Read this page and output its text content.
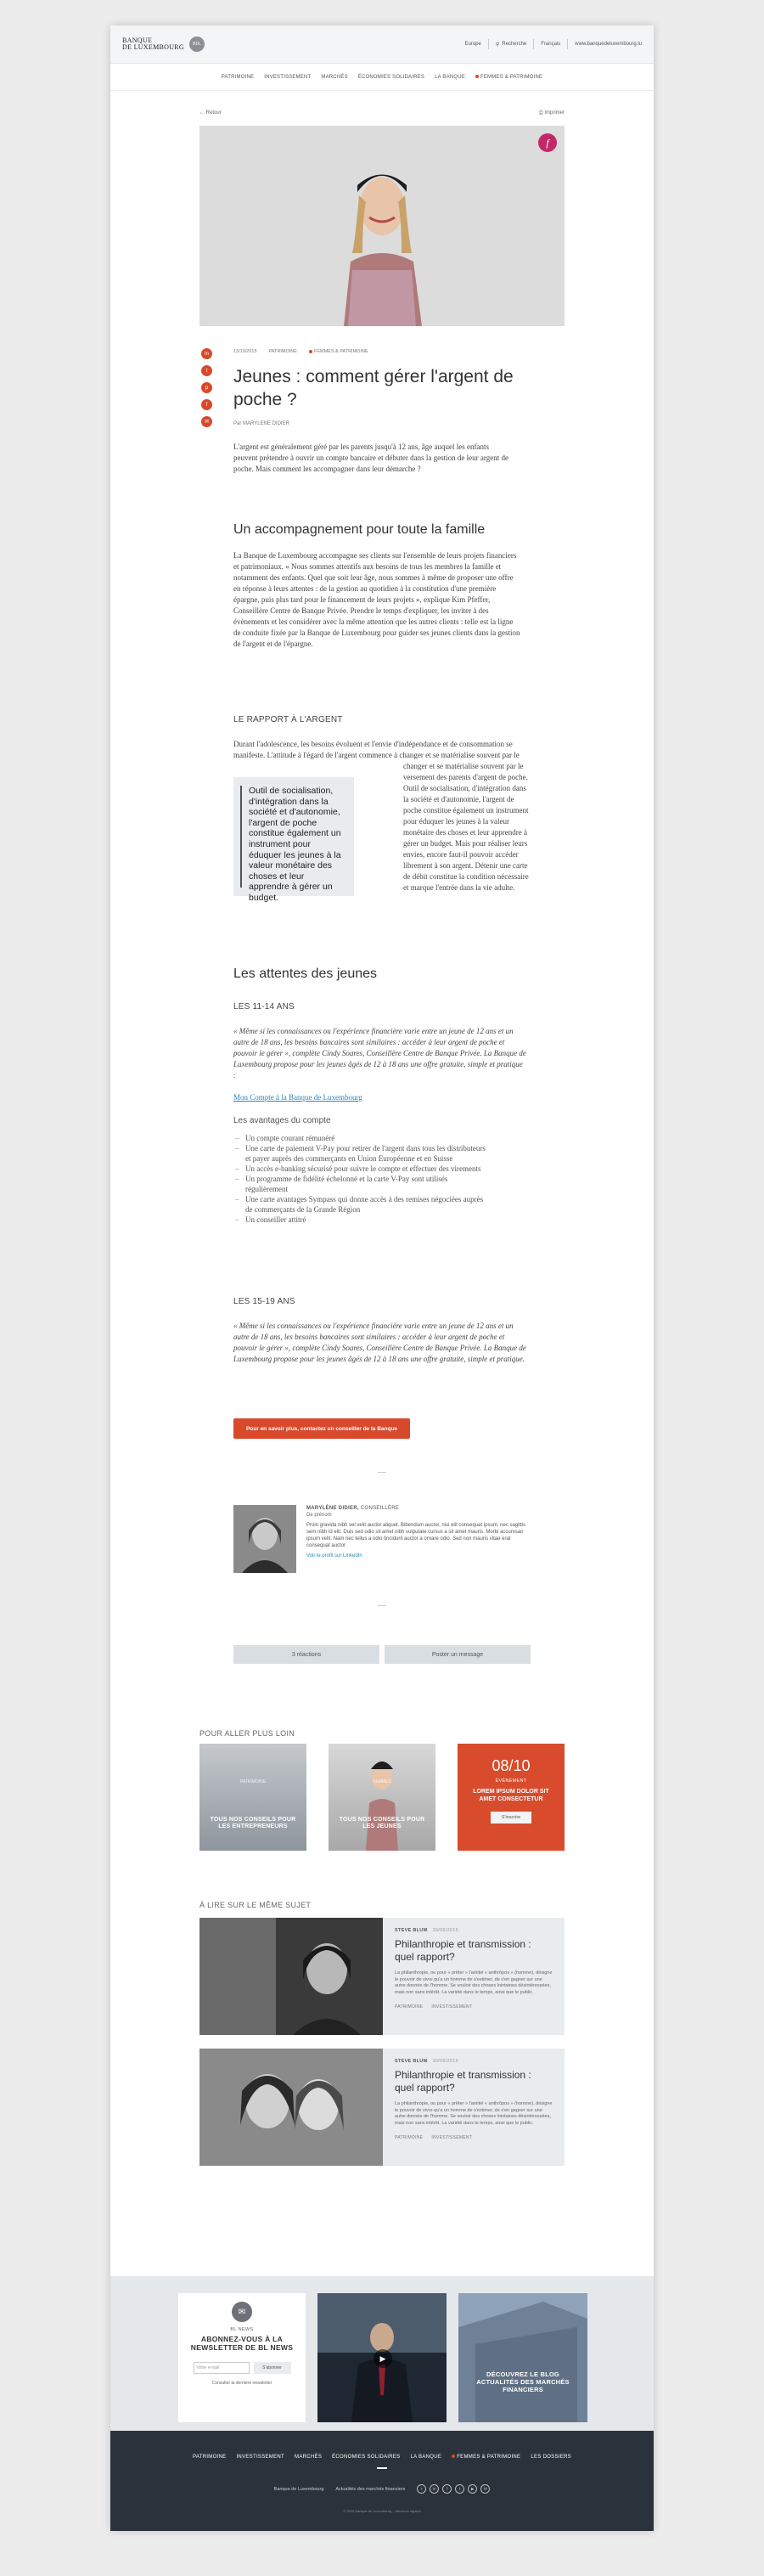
BANQUE
DE LUXEMBOURG	BDL	Europe	⚲ Recherche	Français	www.banquedeluxembourg.lu
PATRIMOINE INVESTISSEMENT MARCHÉS ÉCONOMIES SOLIDAIRES LA BANQUE	FEMMES & PATRIMOINE
← Retour	⎙ Imprimer
f
in
t
p
f
✉
13/10/2015	PATRIMOINE	FEMMES & PATRIMOINE
Jeunes : comment gérer l'argent de poche ?
Par MARYLENE DIDIER
L'argent est généralement géré par les parents jusqu'à 12 ans, âge auquel les enfants peuvent prétendre à ouvrir un compte bancaire et débuter dans la gestion de leur argent de poche. Mais comment les accompagner dans leur démarche ?
Un accompagnement pour toute la famille
La Banque de Luxembourg accompagne ses clients sur l'ensemble de leurs projets financiers et patrimoniaux. « Nous sommes attentifs aux besoins de tous les membres la famille et notamment des enfants. Quel que soit leur âge, nous sommes à même de proposer une offre en réponse à leurs attentes : de la gestion au quotidien à la constitution d'une première épargne, puis plus tard pour le financement de leurs projets », explique Kim Pfeffer, Conseillère Centre de Banque Privée. Prendre le temps d'expliquer, les inviter à des évènements et les considérer avec la même attention que les autres clients : telle est la ligne de conduite fixée par la Banque de Luxembourg pour guider ses jeunes clients dans la gestion de l'argent et de l'épargne.
LE RAPPORT À L'ARGENT
Durant l'adolescence, les besoins évoluent et l'envie d'indépendance et de consommation se manifeste. L'attitude à l'égard de l'argent commence à changer et se matérialise souvent par le
changer et se matérialise souvent par le versement des parents d'argent de poche. Outil de socialisation, d'intégration dans la société et d'autonomie, l'argent de poche constitue également un instrument pour éduquer les jeunes à la valeur monétaire des choses et leur apprendre à gérer un budget. Mais pour réaliser leurs envies, encore faut-il pouvoir accéder librement à son argent. Détenir une carte de débit constitue la condition nécessaire et marque l'entrée dans la vie adulte.
Outil de socialisation, d'intégration dans la société et d'autonomie, l'argent de poche constitue également un instrument pour éduquer les jeunes à la valeur monétaire des choses et leur apprendre à gérer un budget.
Les attentes des jeunes
LES 11-14 ANS
« Même si les connaissances ou l'expérience financière varie entre un jeune de 12 ans et un autre de 18 ans, les besoins bancaires sont similaires : accéder à leur argent de poche et pouvoir le gérer », complète Cindy Soares, Conseillère Centre de Banque Privée. La Banque de Luxembourg propose pour les jeunes âgés de 12 à 18 ans une offre gratuite, simple et pratique :
Mon Compte à la Banque de Luxembourg
Les avantages du compte
– Un compte courant rémunéré
– Une carte de paiement V-Pay pour retirer de l'argent dans tous les distributeurs et payer auprès des commerçants en Union Européenne et en Suisse
– Un accès e-banking sécurisé pour suivre le compte et effectuer des virements
– Un programme de fidélité échelonné et la carte V-Pay sont utilisés régulièrement
– Une carte avantages Sympass qui donne accès à des remises négociées auprès de commerçants de la Grande Région
– Un conseiller attitré
LES 15-19 ANS
« Même si les connaissances ou l'expérience financière varie entre un jeune de 12 ans et un autre de 18 ans, les besoins bancaires sont similaires : accéder à leur argent de poche et pouvoir le gérer », complète Cindy Soares, Conseillère Centre de Banque Privée. La Banque de Luxembourg propose pour les jeunes âgés de 12 à 18 ans une offre gratuite, simple et pratique.
Pour en savoir plus, contactez un conseiller de la Banque
MARYLÈNE DIDIER, CONSEILLÈRE
De prénom
Proin gravida nibh vel velit auctor aliquet. Bibendum auctor, nisi elit consequat ipsum, nec sagittis sem nibh id elit. Duis sed odio sit amet nibh vulputate cursus a sit amet mauris. Morbi accumsan ipsum velit. Nam nec tellus a odio tincidunt auctor a ornare odio. Sed non mauris vitae erat consequat auctor.
Voir le profil sur LinkedIn
3 réactions	Poster un message
POUR ALLER PLUS LOIN
PATRIMOINE
TOUS NOS CONSEILS POUR LES ENTREPRENEURS
FEMMES
TOUS NOS CONSEILS POUR LES JEUNES
08/10
ÉVÉNEMENT
LOREM IPSUM DOLOR SIT AMET CONSECTETUR
S'inscrire
À LIRE SUR LE MÊME SUJET
STEVE BLUM 30/09/2015
Philanthropie et transmission : quel rapport?
La philanthropie, ou pour « prêter » l'amitié « anthrôpos » (homme), désigne le pouvoir de vivre qu'a un homme de s'estimer, de s'en gagner sur une autre donnée de l'homme. Se vouloir des choses lointaines désintéressées, mais non sans intérêt. La variété dans le temps, ainsi que le public.
PATRIMOINE INVESTISSEMENT
STEVE BLUM 30/09/2015
Philanthropie et transmission : quel rapport?
La philanthropie, ou pour « prêter » l'amitié « anthrôpos » (homme), désigne le pouvoir de vivre qu'a un homme de s'estimer, de s'en gagner sur une autre donnée de l'homme. Se vouloir des choses lointaines désintéressées, mais non sans intérêt. La variété dans le temps, ainsi que le public.
PATRIMOINE INVESTISSEMENT
✉
BL NEWS
ABONNEZ-VOUS À LA NEWSLETTER DE BL NEWS
Votre e-mail	S'abonner
Consulter la dernière newsletter
▶
DÉCOUVREZ LE BLOG ACTUALITÉS DES MARCHÉS FINANCIERS
PATRIMOINE INVESTISSEMENT MARCHÉS ÉCONOMIES SOLIDAIRES LA BANQUE	FEMMES & PATRIMOINE LES DOSSIERS
Banque de Luxembourg	Actualités des marchés financiers	r	in	f	t	▶	✉
© 2015 Banque de Luxembourg – Mentions légales
